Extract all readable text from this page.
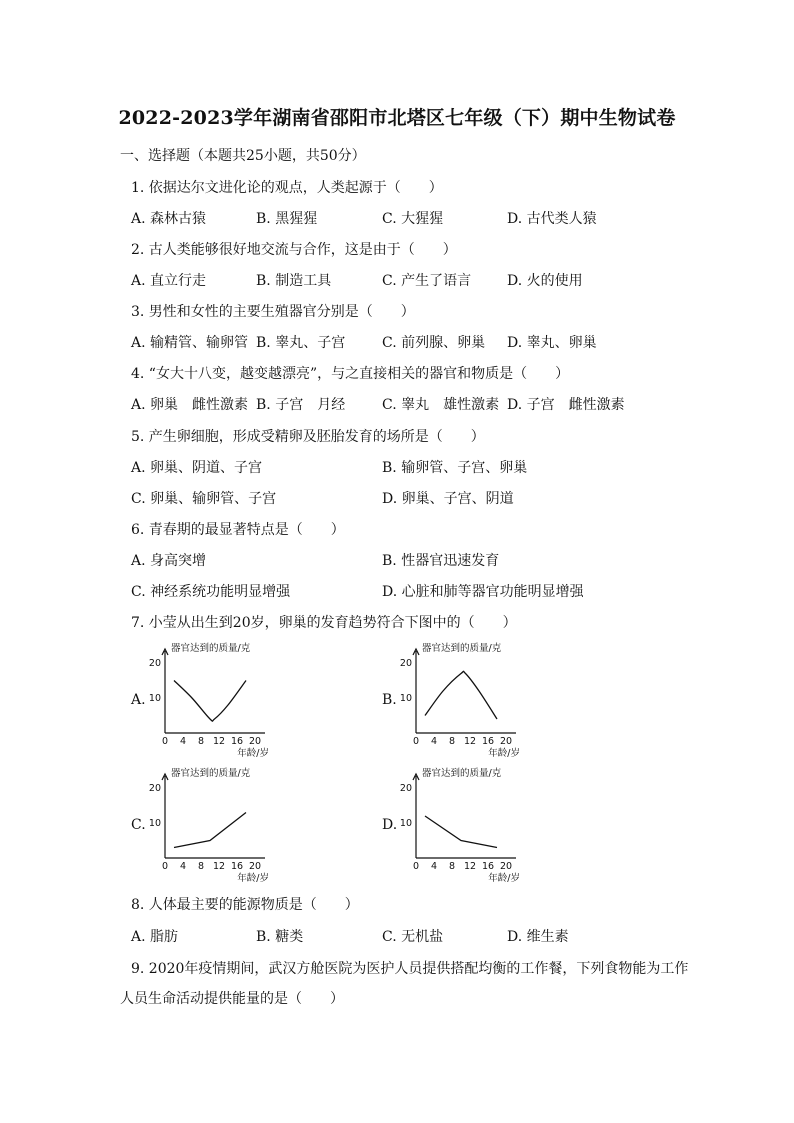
2022-2023学年湖南省邵阳市北塔区七年级（下）期中生物试卷
一、选择题（本题共25小题，共50分）
1. 依据达尔文进化论的观点，人类起源于（　　）
A. 森林古猿	B. 黑猩猩	C. 大猩猩	D. 古代类人猿
2. 古人类能够很好地交流与合作，这是由于（　　）
A. 直立行走	B. 制造工具	C. 产生了语言	D. 火的使用
3. 男性和女性的主要生殖器官分别是（　　）
A. 输精管、输卵管 B. 睾丸、子宫	C. 前列腺、卵巢 D. 睾丸、卵巢
4. “女大十八变，越变越漂亮”，与之直接相关的器官和物质是（　　）
A. 卵巢　雌性激素 B. 子宫　月经	C. 睾丸　雄性激素 D. 子宫　雌性激素
5. 产生卵细胞，形成受精卵及胚胎发育的场所是（　　）
A. 卵巢、阴道、子宫	B. 输卵管、子宫、卵巢
C. 卵巢、输卵管、子宫	D. 卵巢、子宫、阴道
6. 青春期的最显著特点是（　　）
A. 身高突增	B. 性器官迅速发育
C. 神经系统功能明显增强	D. 心脏和肺等器官功能明显增强
7. 小莹从出生到20岁，卵巢的发育趋势符合下图中的（　　）
A.	B.
C.	D.
器官达到的质量/克
10
20
0 4 8 12 16 20
年龄/岁
器官达到的质量/克
10
20
0 4 8 12 16 20
年龄/岁
器官达到的质量/克
10
20
0 4 8 12 16 20
年龄/岁
器官达到的质量/克
10
20
0 4 8 12 16 20
年龄/岁
8. 人体最主要的能源物质是（　　）
A. 脂肪	B. 糖类	C. 无机盐	D. 维生素
9. 2020年疫情期间，武汉方舱医院为医护人员提供搭配均衡的工作餐，下列食物能为工作
人员生命活动提供能量的是（　　）
